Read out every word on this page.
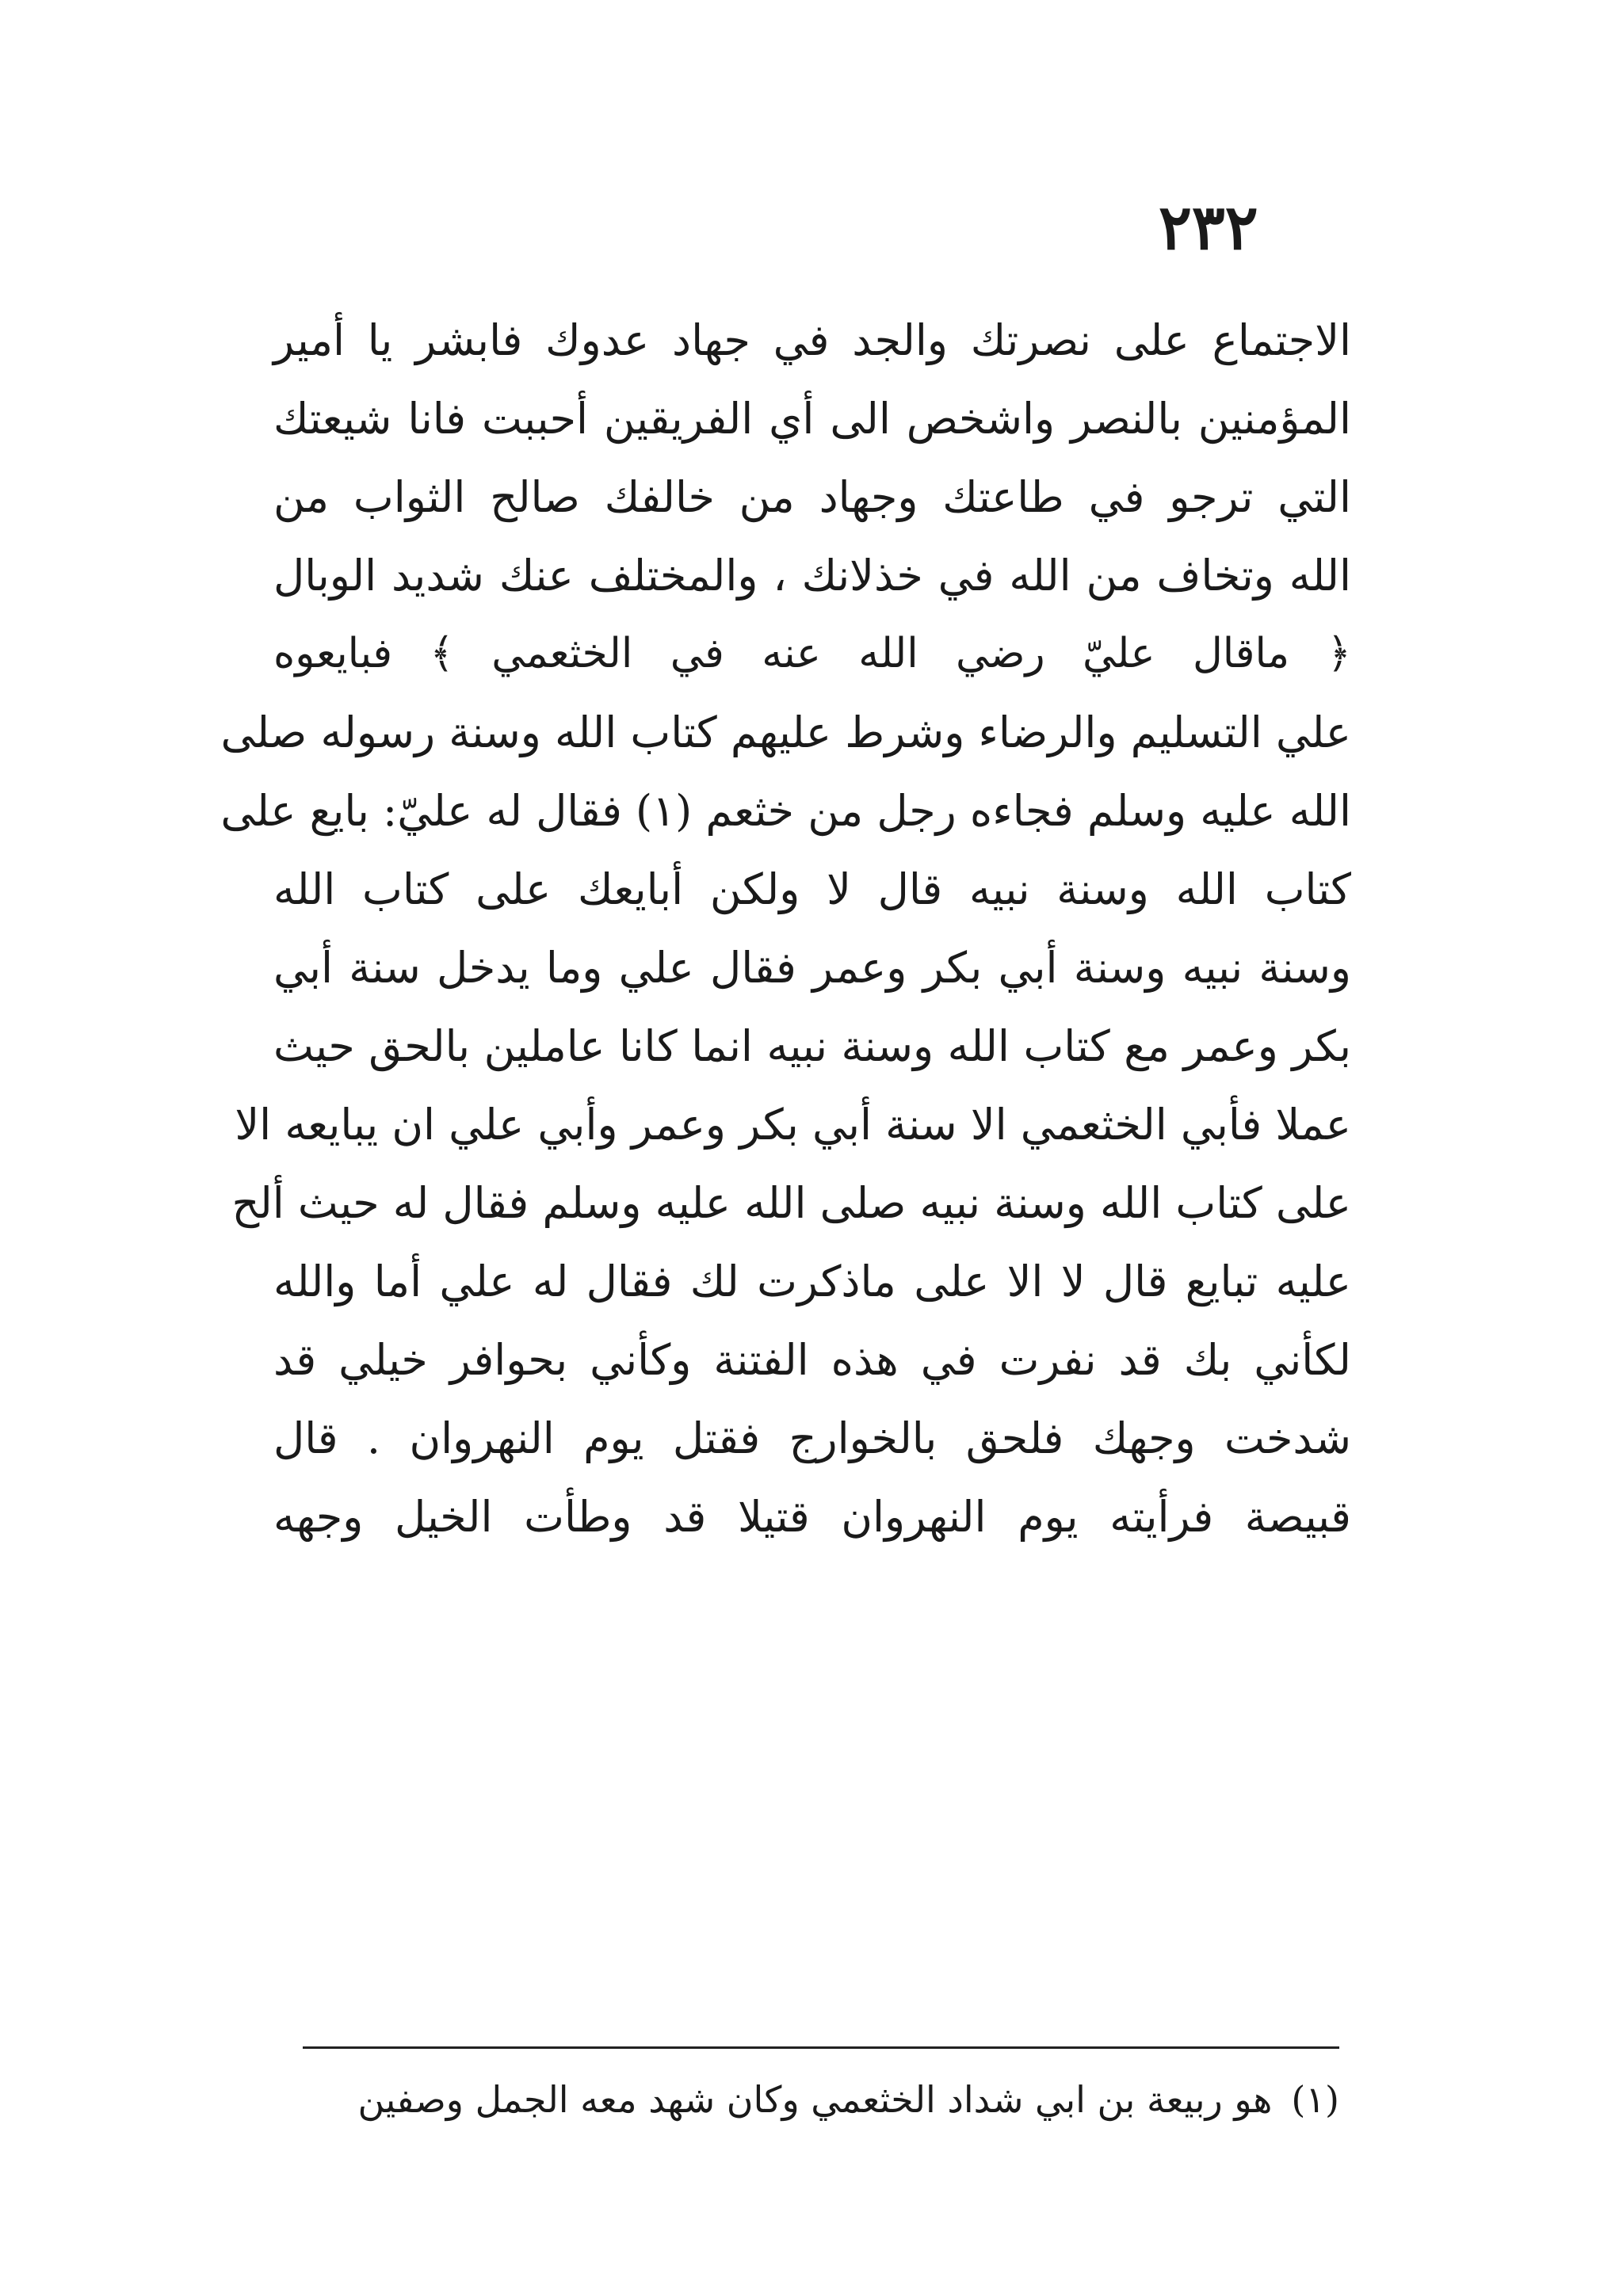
٢٣٢
الاجتماع على نصرتك والجد في جهاد عدوك فابشر يا أمير
المؤمنين بالنصر واشخص الى أي الفريقين أحببت فانا شيعتك
التي ترجو في طاعتك وجهاد من خالفك صالح الثواب من
الله وتخاف من الله في خذلانك ، والمختلف عنك شديد الوبال
﴿ ماقال عليّ رضي الله عنه في الخثعمي ﴾ فبايعوه
علي التسليم والرضاء وشرط عليهم كتاب الله وسنة رسوله صلى
الله عليه وسلم فجاءه رجل من خثعم (١) فقال له عليّ: بايع على
كتاب الله وسنة نبيه قال لا ولكن أبايعك على كتاب الله
وسنة نبيه وسنة أبي بكر وعمر فقال علي وما يدخل سنة أبي
بكر وعمر مع كتاب الله وسنة نبيه انما كانا عاملين بالحق حيث
عملا فأبي الخثعمي الا سنة أبي بكر وعمر وأبي علي ان يبايعه الا
على كتاب الله وسنة نبيه صلى الله عليه وسلم فقال له حيث ألح
عليه تبايع قال لا الا على ماذكرت لك فقال له علي أما والله
لكأني بك قد نفرت في هذه الفتنة وكأني بحوافر خيلي قد
شدخت وجهك فلحق بالخوارج فقتل يوم النهروان . قال
قبيصة فرأيته يوم النهروان قتيلا قد وطأت الخيل وجهه
(١)هو ربيعة بن ابي شداد الخثعمي وكان شهد معه الجمل وصفين
